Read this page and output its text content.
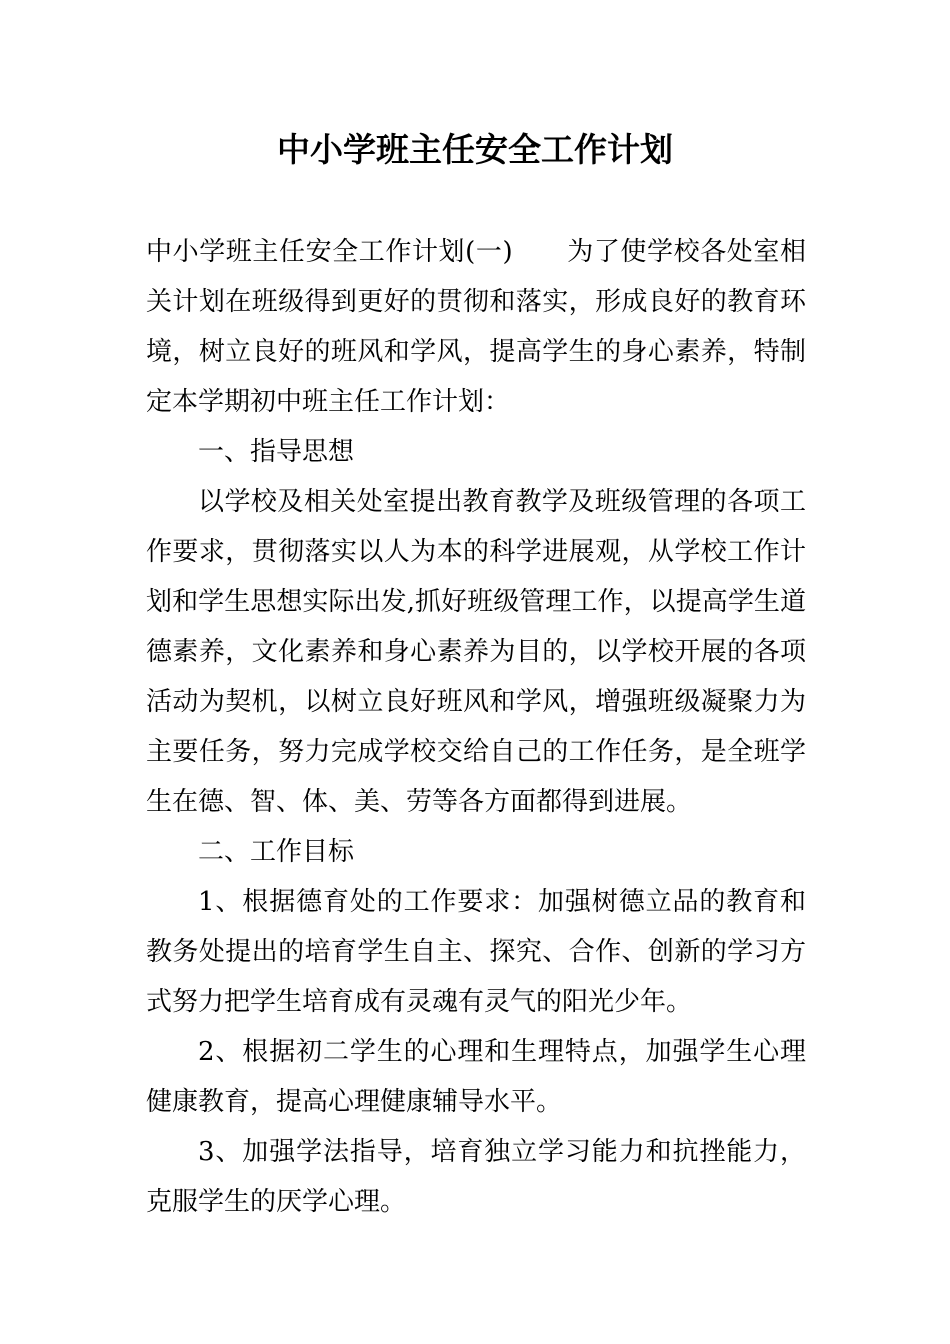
中小学班主任安全工作计划

中小学班主任安全工作计划(一) 为了使学校各处室相关计划在班级得到更好的贯彻和落实，形成良好的教育环境，树立良好的班风和学风，提高学生的身心素养，特制定本学期初中班主任工作计划：

一、指导思想

以学校及相关处室提出教育教学及班级管理的各项工作要求，贯彻落实以人为本的科学进展观，从学校工作计划和学生思想实际出发,抓好班级管理工作，以提高学生道德素养，文化素养和身心素养为目的，以学校开展的各项活动为契机，以树立良好班风和学风，增强班级凝聚力为主要任务，努力完成学校交给自己的工作任务，是全班学生在德、智、体、美、劳等各方面都得到进展。

二、工作目标

1、根据德育处的工作要求：加强树德立品的教育和教务处提出的培育学生自主、探究、合作、创新的学习方式努力把学生培育成有灵魂有灵气的阳光少年。

2、根据初二学生的心理和生理特点，加强学生心理健康教育，提高心理健康辅导水平。

3、加强学法指导，培育独立学习能力和抗挫能力，克服学生的厌学心理。
